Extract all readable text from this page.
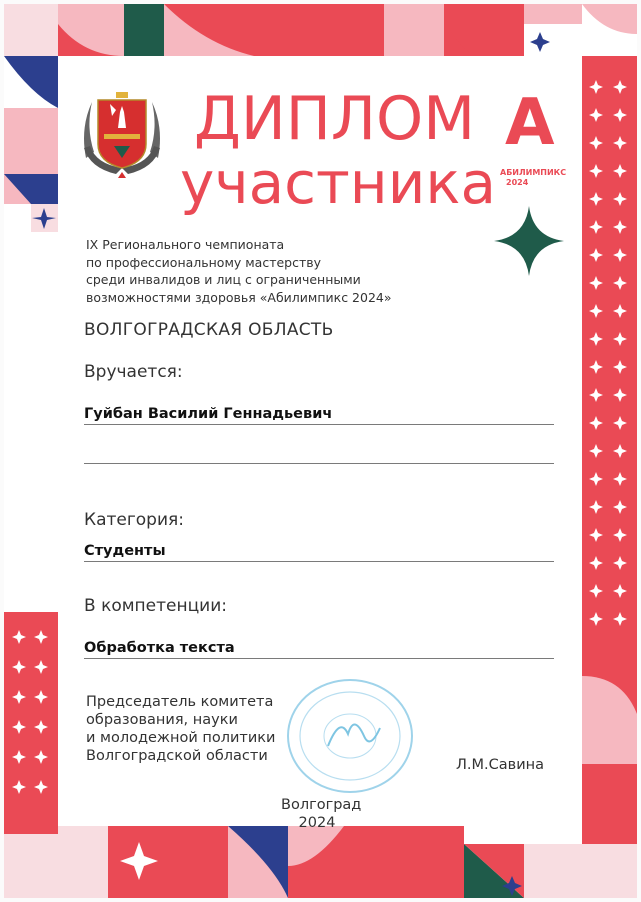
ДИПЛОМ
участника
А
АБИЛИМПИКС
2024
IX Регионального чемпионата
по профессиональному мастерству
среди инвалидов и лиц с ограниченными
возможностями здоровья «Абилимпикс 2024»
ВОЛГОГРАДСКАЯ ОБЛАСТЬ
Вручается:
Гуйбан Василий Геннадьевич
Категория:
Студенты
В компетенции:
Обработка текста
Председатель комитета
образования, науки
и молодежной политики
Волгоградской области
Л.М.Савина
Волгоград
2024
